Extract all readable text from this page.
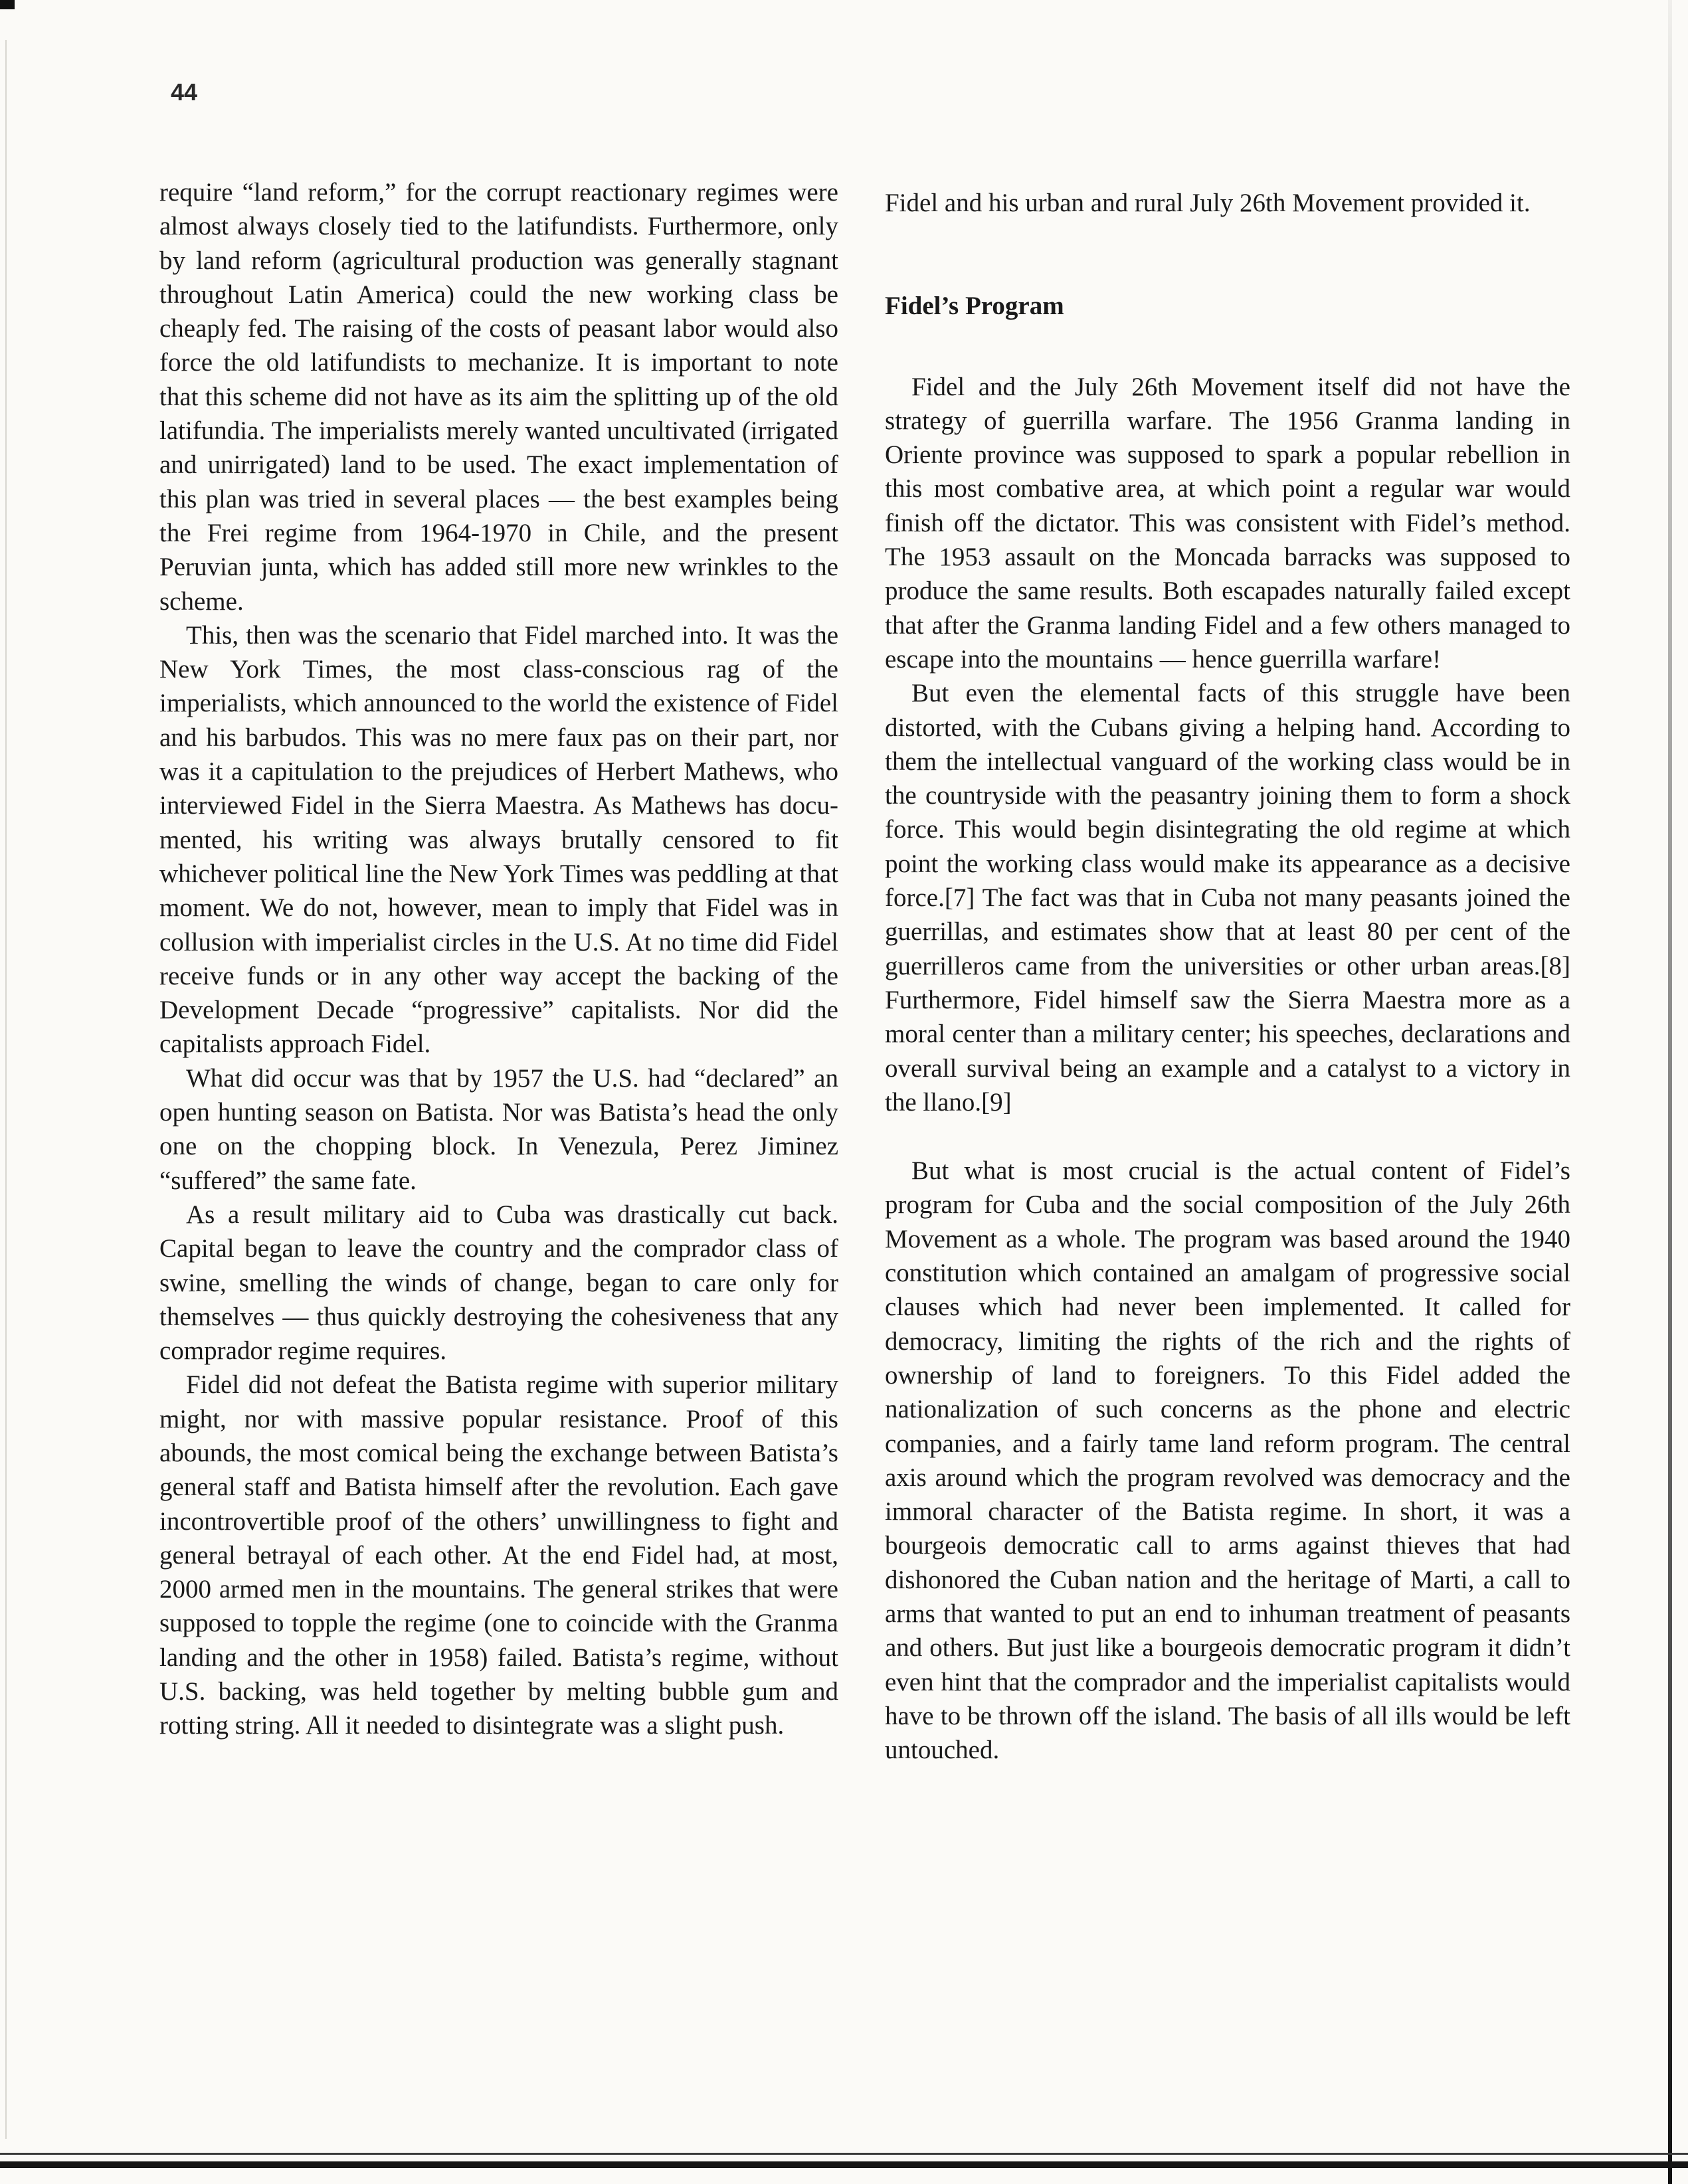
44

require “land reform,” for the corrupt reactionary regimes were almost always closely tied to the latifundists. Furthermore, only by land reform (agricultural production was generally stagnant throughout Latin America) could the new working class be cheaply fed. The raising of the costs of peasant labor would also force the old latifundists to mechanize. It is important to note that this scheme did not have as its aim the splitting up of the old latifundia. The imperialists merely wanted uncultivated (irrigated and unirrigated) land to be used. The exact implementation of this plan was tried in several places — the best examples being the Frei regime from 1964-1970 in Chile, and the present Peruvian junta, which has added still more new wrinkles to the scheme.

This, then was the scenario that Fidel marched into. It was the New York Times, the most class-conscious rag of the imperialists, which announced to the world the existence of Fidel and his barbudos. This was no mere faux pas on their part, nor was it a capitulation to the prejudices of Herbert Mathews, who interviewed Fidel in the Sierra Maestra. As Mathews has documented, his writing was always brutally censored to fit whichever political line the New York Times was peddling at that moment. We do not, however, mean to imply that Fidel was in collusion with imperialist circles in the U.S. At no time did Fidel receive funds or in any other way accept the backing of the Development Decade “progressive” capitalists. Nor did the capitalists approach Fidel.

What did occur was that by 1957 the U.S. had “declared” an open hunting season on Batista. Nor was Batista’s head the only one on the chopping block. In Venezula, Perez Jiminez “suffered” the same fate.

As a result military aid to Cuba was drastically cut back. Capital began to leave the country and the comprador class of swine, smelling the winds of change, began to care only for themselves — thus quickly destroying the cohesiveness that any comprador regime requires.

Fidel did not defeat the Batista regime with superior military might, nor with massive popular resistance. Proof of this abounds, the most comical being the exchange between Batista’s general staff and Batista himself after the revolution. Each gave incontrovertible proof of the others’ unwillingness to fight and general betrayal of each other. At the end Fidel had, at most, 2000 armed men in the mountains. The general strikes that were supposed to topple the regime (one to coincide with the Granma landing and the other in 1958) failed. Batista’s regime, without U.S. backing, was held together by melting bubble gum and rotting string. All it needed to disintegrate was a slight push.

Fidel and his urban and rural July 26th Movement provided it.

Fidel’s Program

Fidel and the July 26th Movement itself did not have the strategy of guerrilla warfare. The 1956 Granma landing in Oriente province was supposed to spark a popular rebellion in this most combative area, at which point a regular war would finish off the dictator. This was consistent with Fidel’s method. The 1953 assault on the Moncada barracks was supposed to produce the same results. Both escapades naturally failed except that after the Granma landing Fidel and a few others managed to escape into the mountains — hence guerrilla warfare!

But even the elemental facts of this struggle have been distorted, with the Cubans giving a helping hand. According to them the intellectual vanguard of the working class would be in the countryside with the peasantry joining them to form a shock force. This would begin disintegrating the old regime at which point the working class would make its appearance as a decisive force.[7] The fact was that in Cuba not many peasants joined the guerrillas, and estimates show that at least 80 per cent of the guerrilleros came from the universities or other urban areas.[8] Furthermore, Fidel himself saw the Sierra Maestra more as a moral center than a military center; his speeches, declarations and overall survival being an example and a catalyst to a victory in the llano.[9]

But what is most crucial is the actual content of Fidel’s program for Cuba and the social composition of the July 26th Movement as a whole. The program was based around the 1940 constitution which contained an amalgam of progressive social clauses which had never been implemented. It called for democracy, limiting the rights of the rich and the rights of ownership of land to foreigners. To this Fidel added the nationalization of such concerns as the phone and electric companies, and a fairly tame land reform program. The central axis around which the program revolved was democracy and the immoral character of the Batista regime. In short, it was a bourgeois democratic call to arms against thieves that had dishonored the Cuban nation and the heritage of Marti, a call to arms that wanted to put an end to inhuman treatment of peasants and others. But just like a bourgeois democratic program it didn’t even hint that the comprador and the imperialist capitalists would have to be thrown off the island. The basis of all ills would be left untouched.
